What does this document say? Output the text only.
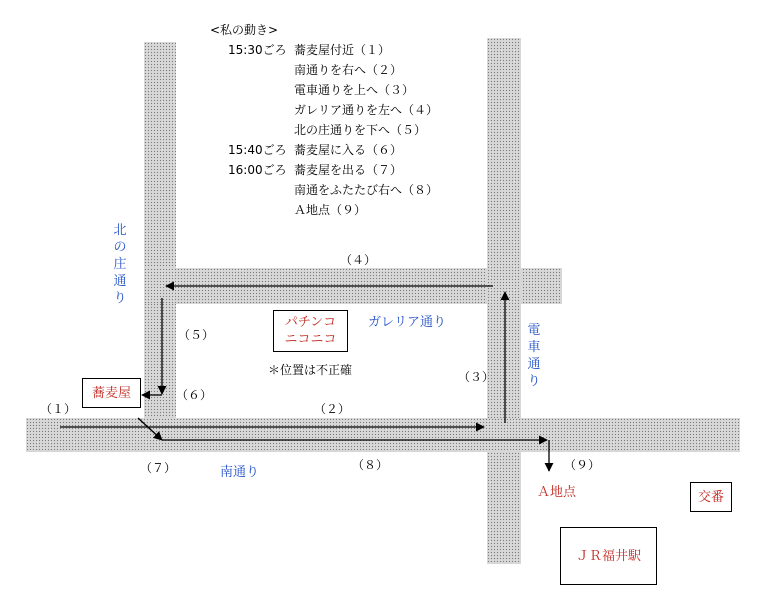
<私の動き>
15:30ごろ 蕎麦屋付近（１）
南通りを右へ（２）
電車通りを上へ（３）
ガレリア通りを左へ（４）
北の庄通りを下へ（５）
15:40ごろ 蕎麦屋に入る（６）
16:00ごろ 蕎麦屋を出る（７）
南通をふたたび右へ（８）
Ａ地点（９）
北
の
庄
通
り
ガレリア通り
電
車
通
り
南通り
パチンコ
ニコニコ
＊位置は不正確
蕎麦屋
Ａ地点	交番
ＪＲ福井駅
（１）	（２）
（３）
（４）
（５）
（６）
（７）	（８）	（９）
